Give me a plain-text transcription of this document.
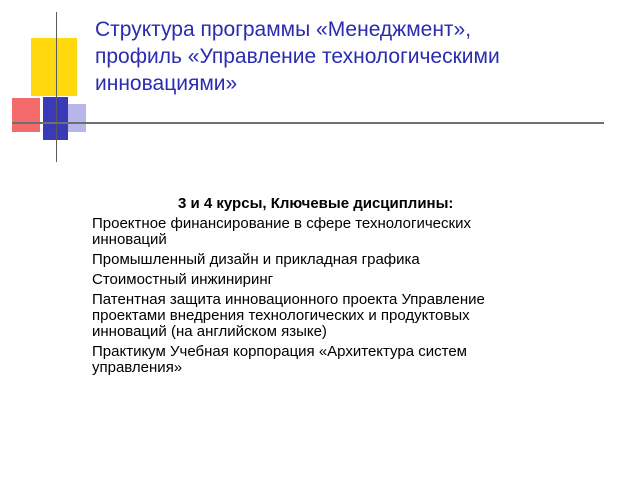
Структура программы «Менеджмент»,
профиль «Управление технологическими
инновациями»
3 и 4 курсы, Ключевые дисциплины:
Проектное финансирование в сфере технологических
инноваций
Промышленный дизайн и прикладная графика
Стоимостный инжиниринг
Патентная защита инновационного проекта Управление
проектами внедрения технологических и продуктовых
инноваций (на английском языке)
Практикум Учебная корпорация «Архитектура систем
управления»
